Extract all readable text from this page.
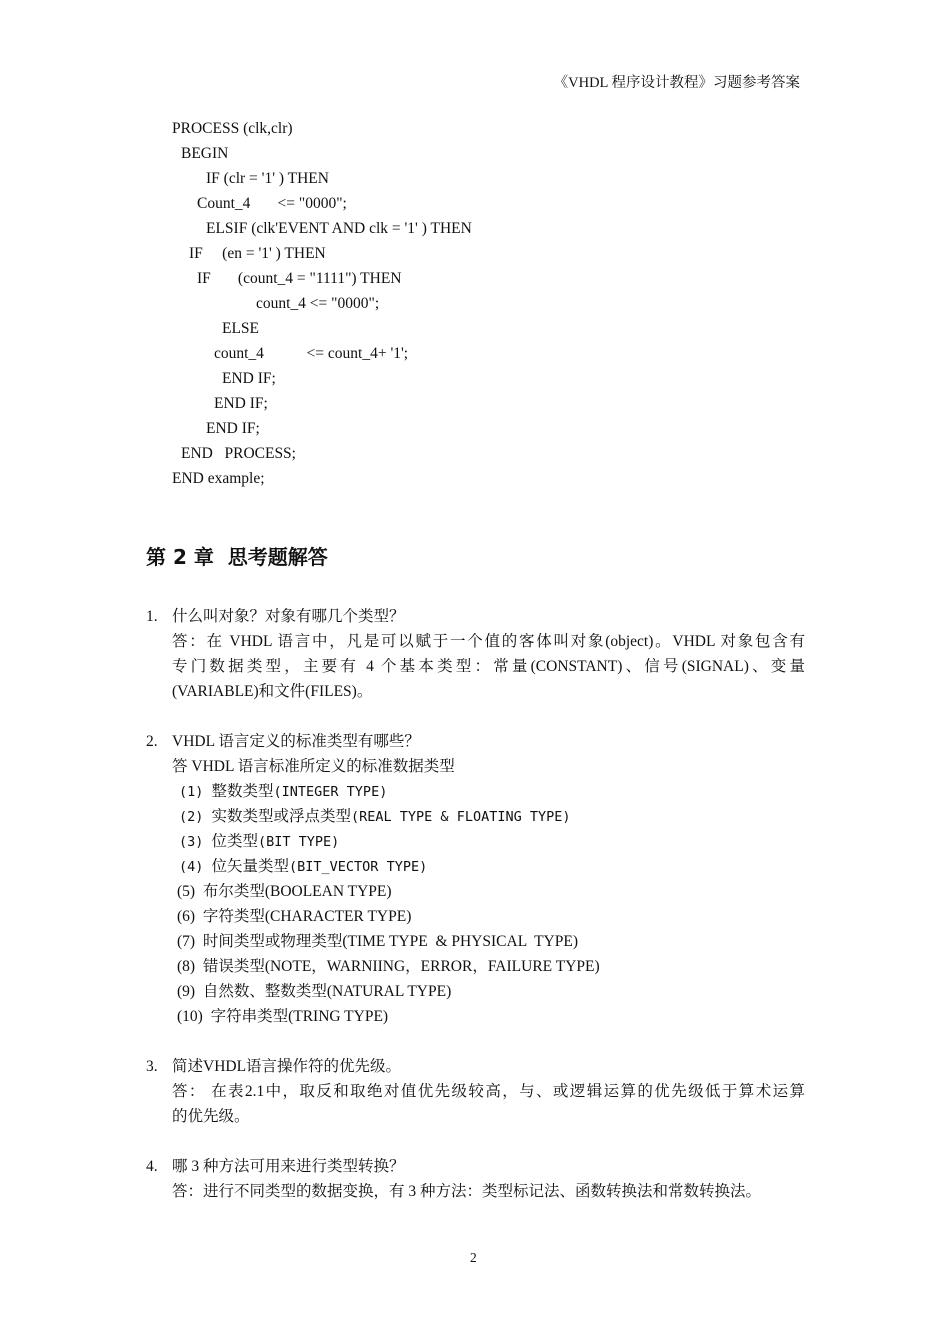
《VHDL 程序设计教程》习题参考答案
PROCESS (clk,clr)
BEGIN
IF (clr = '1' ) THEN
Count_4       <= "0000";
ELSIF (clk'EVENT AND clk = '1' ) THEN
IF     (en = '1' ) THEN
IF       (count_4 = "1111") THEN
count_4 <= "0000";
ELSE
count_4           <= count_4+ '1';
END IF;
END IF;
END IF;
END   PROCESS;
END example;
第 2 章  思考题解答
1. 什么叫对象？对象有哪几个类型？
答：在 VHDL 语言中，凡是可以赋于一个值的客体叫对象(object)。VHDL 对象包含有
专门数据类型，主要有 4 个基本类型：常量(CONSTANT)、信号(SIGNAL)、变量
(VARIABLE)和文件(FILES)。
2. VHDL 语言定义的标准类型有哪些？
答 VHDL 语言标准所定义的标准数据类型
(1) 整数类型(INTEGER TYPE)
(2) 实数类型或浮点类型(REAL TYPE & FLOATING TYPE)
(3) 位类型(BIT TYPE)
(4) 位矢量类型(BIT_VECTOR TYPE)
(5)  布尔类型(BOOLEAN TYPE)
(6)  字符类型(CHARACTER TYPE)
(7)  时间类型或物理类型(TIME TYPE  & PHYSICAL  TYPE)
(8)  错误类型(NOTE，WARNIING，ERROR，FAILURE TYPE)
(9)  自然数、整数类型(NATURAL TYPE)
(10)  字符串类型(TRING TYPE)
3. 简述VHDL语言操作符的优先级。
答： 在表2.1中，取反和取绝对值优先级较高，与、或逻辑运算的优先级低于算术运算
的优先级。
4. 哪 3 种方法可用来进行类型转换？
答：进行不同类型的数据变换，有 3 种方法：类型标记法、函数转换法和常数转换法。
2
